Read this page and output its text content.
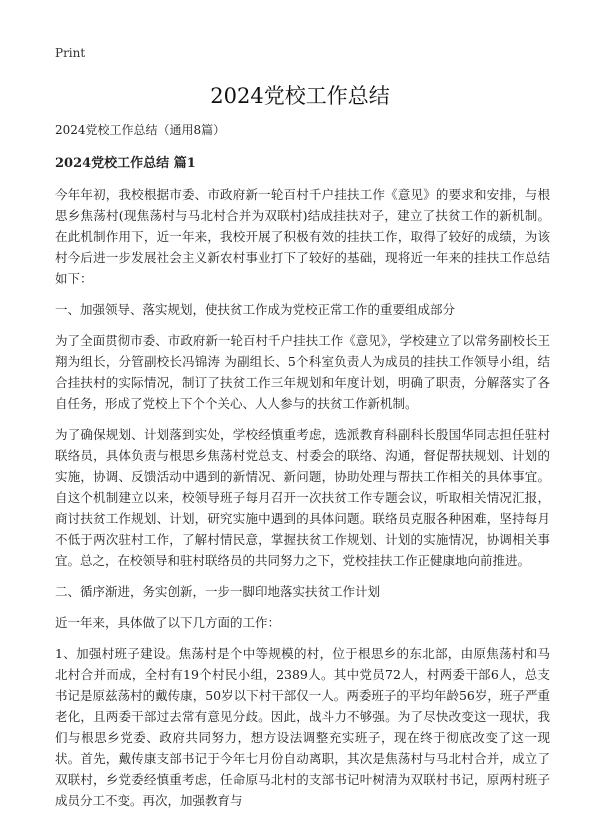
Print
2024党校工作总结

2024党校工作总结（通用8篇）

2024党校工作总结 篇1

今年年初，我校根据市委、市政府新一轮百村千户挂扶工作《意见》的要求和安排，与根思乡焦荡村(现焦荡村与马北村合并为双联村)结成挂扶对子，建立了扶贫工作的新机制。在此机制作用下，近一年来，我校开展了积极有效的挂扶工作，取得了较好的成绩，为该村今后进一步发展社会主义新农村事业打下了较好的基础，现将近一年来的挂扶工作总结如下：

一、加强领导、落实规划，使扶贫工作成为党校正常工作的重要组成部分

为了全面贯彻市委、市政府新一轮百村千户挂扶工作《意见》，学校建立了以常务副校长王翔为组长，分管副校长冯锦涛 为副组长、5个科室负责人为成员的挂扶工作领导小组，结合挂扶村的实际情况，制订了扶贫工作三年规划和年度计划，明确了职责，分解落实了各自任务，形成了党校上下个个关心、人人参与的扶贫工作新机制。

为了确保规划、计划落到实处，学校经慎重考虑，选派教育科副科长殷国华同志担任驻村联络员，具体负责与根思乡焦荡村党总支、村委会的联络、沟通，督促帮扶规划、计划的实施，协调、反馈活动中遇到的新情况、新问题，协助处理与帮扶工作相关的具体事宜。自这个机制建立以来，校领导班子每月召开一次扶贫工作专题会议，听取相关情况汇报，商讨扶贫工作规划、计划，研究实施中遇到的具体问题。联络员克服各种困难，坚持每月不低于两次驻村工作，了解村情民意，掌握扶贫工作规划、计划的实施情况，协调相关事宜。总之，在校领导和驻村联络员的共同努力之下，党校挂扶工作正健康地向前推进。

二、循序渐进，务实创新，一步一脚印地落实扶贫工作计划

近一年来，具体做了以下几方面的工作：

1、加强村班子建设。焦荡村是个中等规模的村，位于根思乡的东北部，由原焦荡村和马北村合并而成，全村有19个村民小组，2389人。其中党员72人，村两委干部6人，总支书记是原兹荡村的戴传康，50岁以下村干部仅一人。两委班子的平均年龄56岁，班子严重老化，且两委干部过去常有意见分歧。因此，战斗力不够强。为了尽快改变这一现状，我们与根思乡党委、政府共同努力，想方设法调整充实班子，现在终于彻底改变了这一现状。首先，戴传康支部书记于今年七月份自动离职，其次是焦荡村与马北村合并，成立了双联村，乡党委经慎重考虑，任命原马北村的支部书记叶树清为双联村书记，原两村班子成员分工不变。再次，加强教育与
